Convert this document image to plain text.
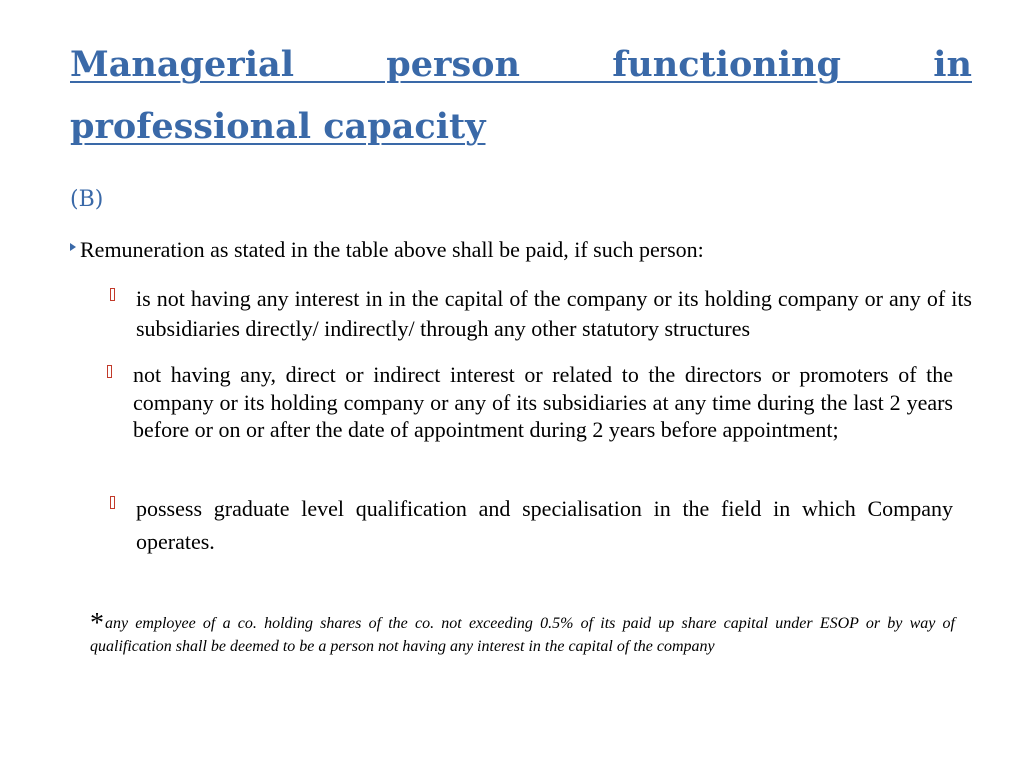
Managerial person functioning in professional capacity
(B)
Remuneration as stated in the table above shall be paid, if such person:
is not having any interest in in the capital of the company or its holding company or any of its subsidiaries directly/ indirectly/ through any other statutory structures
not having any, direct or indirect interest or related to the directors or promoters of the company or its holding company or any of its subsidiaries at any time during the last 2 years before or on or after the date of appointment during 2 years before appointment;
possess graduate level qualification and specialisation in the field in which Company operates.
*any employee of a co. holding shares of the co. not exceeding 0.5% of its paid up share capital under ESOP or by way of qualification shall be deemed to be a person not having any interest in the capital of the company
